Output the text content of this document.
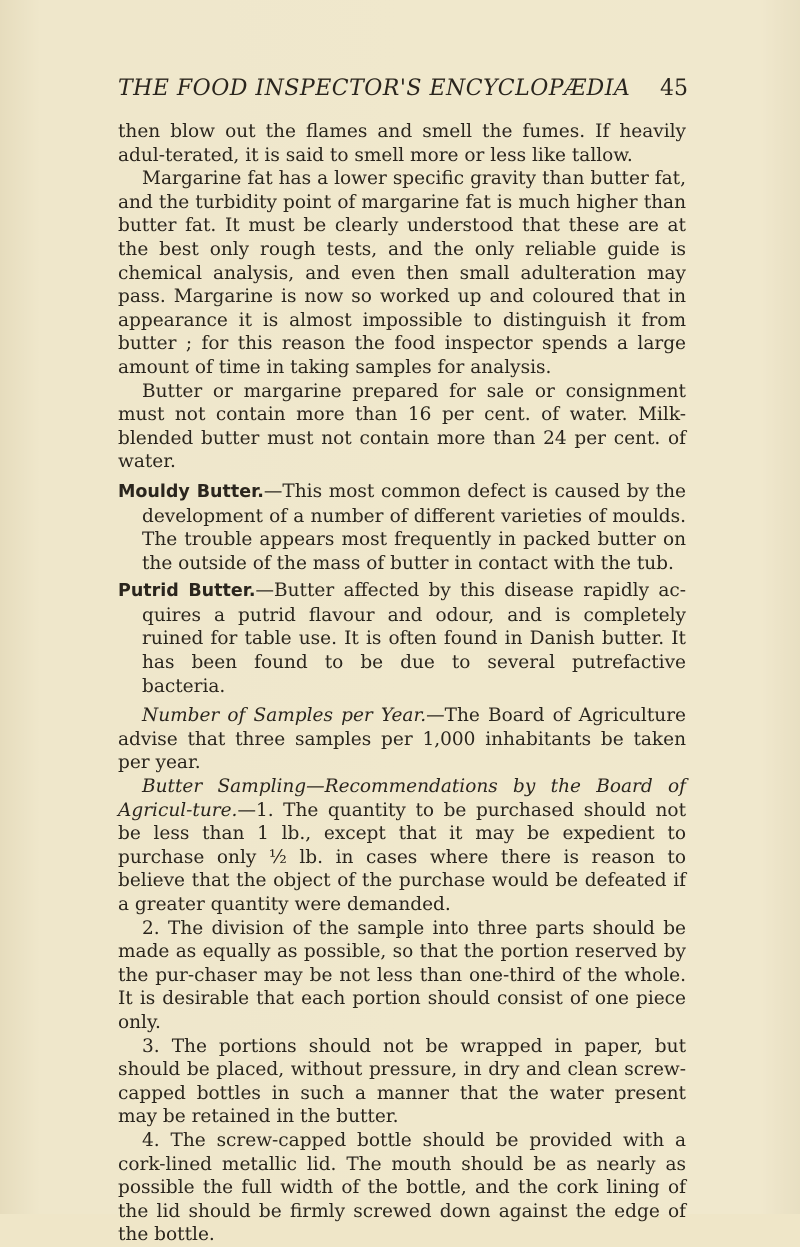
THE FOOD INSPECTOR'S ENCYCLOPÆDIA 45

then blow out the flames and smell the fumes. If heavily adul-terated, it is said to smell more or less like tallow.

Margarine fat has a lower specific gravity than butter fat, and the turbidity point of margarine fat is much higher than butter fat. It must be clearly understood that these are at the best only rough tests, and the only reliable guide is chemical analysis, and even then small adulteration may pass. Margarine is now so worked up and coloured that in appearance it is almost impossible to distinguish it from butter ; for this reason the food inspector spends a large amount of time in taking samples for analysis.

Butter or margarine prepared for sale or consignment must not contain more than 16 per cent. of water. Milk-blended butter must not contain more than 24 per cent. of water.

Mouldy Butter.—This most common defect is caused by the development of a number of different varieties of moulds. The trouble appears most frequently in packed butter on the outside of the mass of butter in contact with the tub.

Putrid Butter.—Butter affected by this disease rapidly ac-quires a putrid flavour and odour, and is completely ruined for table use. It is often found in Danish butter. It has been found to be due to several putrefactive bacteria.

Number of Samples per Year.—The Board of Agriculture advise that three samples per 1,000 inhabitants be taken per year.

Butter Sampling—Recommendations by the Board of Agricul-ture.—1. The quantity to be purchased should not be less than 1 lb., except that it may be expedient to purchase only ½ lb. in cases where there is reason to believe that the object of the purchase would be defeated if a greater quantity were demanded.

2. The division of the sample into three parts should be made as equally as possible, so that the portion reserved by the pur-chaser may be not less than one-third of the whole. It is desirable that each portion should consist of one piece only.

3. The portions should not be wrapped in paper, but should be placed, without pressure, in dry and clean screw-capped bottles in such a manner that the water present may be retained in the butter.

4. The screw-capped bottle should be provided with a cork-lined metallic lid. The mouth should be as nearly as possible the full width of the bottle, and the cork lining of the lid should be firmly screwed down against the edge of the bottle.
